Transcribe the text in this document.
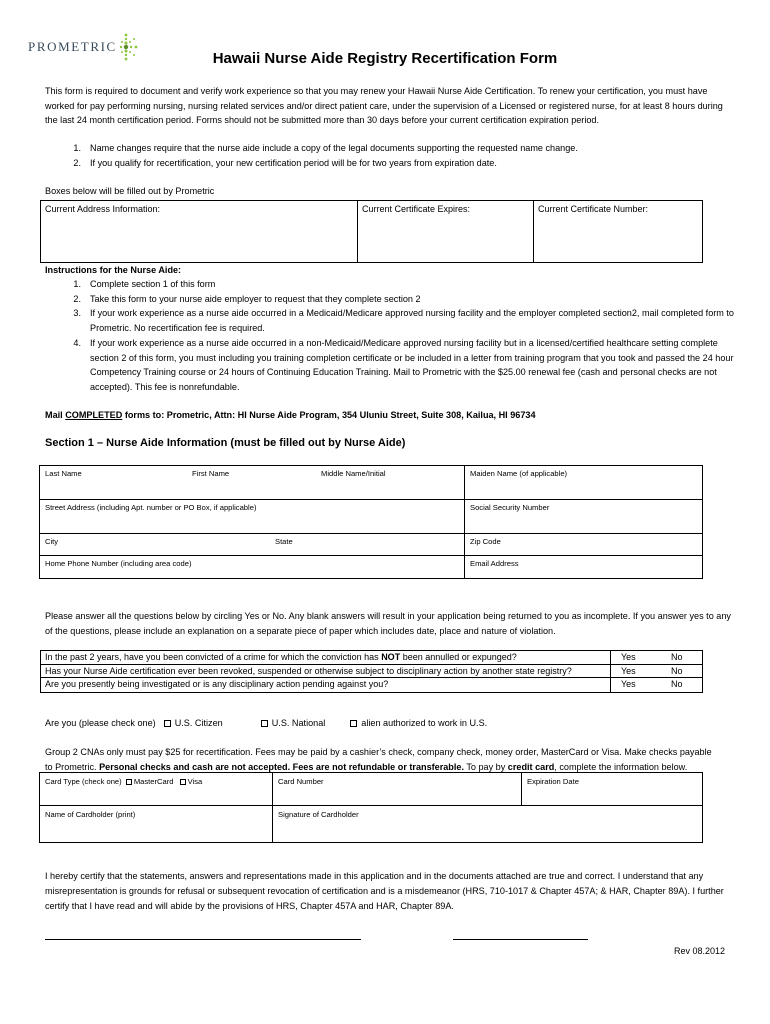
PROMETRIC
Hawaii Nurse Aide Registry Recertification Form
This form is required to document and verify work experience so that you may renew your Hawaii Nurse Aide Certification. To renew your certification, you must have worked for pay performing nursing, nursing related services and/or direct patient care, under the supervision of a Licensed or registered nurse, for at least 8 hours during the last 24 month certification period. Forms should not be submitted more than 30 days before your current certification expiration period.
1. Name changes require that the nurse aide include a copy of the legal documents supporting the requested name change.
2. If you qualify for recertification, your new certification period will be for two years from expiration date.
Boxes below will be filled out by Prometric
Current Address Information:	Current Certificate Expires:	Current Certificate Number:
Instructions for the Nurse Aide:
1. Complete section 1 of this form
2. Take this form to your nurse aide employer to request that they complete section 2
3. If your work experience as a nurse aide occurred in a Medicaid/Medicare approved nursing facility and the employer completed section2, mail completed form to Prometric. No recertification fee is required.
4. If your work experience as a nurse aide occurred in a non-Medicaid/Medicare approved nursing facility but in a licensed/certified healthcare setting complete section 2 of this form, you must including you training completion certificate or be included in a letter from training program that you took and passed the 24 hour Competency Training course or 24 hours of Continuing Education Training. Mail to Prometric with the $25.00 renewal fee (cash and personal checks are not accepted). This fee is nonrefundable.
Mail COMPLETED forms to: Prometric, Attn: HI Nurse Aide Program, 354 Uluniu Street, Suite 308, Kailua, HI 96734
Section 1 – Nurse Aide Information (must be filled out by Nurse Aide)
Last Name	First Name	Middle Name/Initial	Maiden Name (of applicable)
Street Address (including Apt. number or PO Box, if applicable)	Social Security Number
City	State	Zip Code
Home Phone Number (including area code)	Email Address
Please answer all the questions below by circling Yes or No. Any blank answers will result in your application being returned to you as incomplete. If you answer yes to any of the questions, please include an explanation on a separate piece of paper which includes date, place and nature of violation.
In the past 2 years, have you been convicted of a crime for which the conviction has NOT been annulled or expunged?	Yes	No
Has your Nurse Aide certification ever been revoked, suspended or otherwise subject to disciplinary action by another state registry?	Yes	No
Are you presently being investigated or is any disciplinary action pending against you?	Yes	No
Are you (please check one)	U.S. Citizen	U.S. National	alien authorized to work in U.S.
Group 2 CNAs only must pay $25 for recertification. Fees may be paid by a cashier’s check, company check, money order, MasterCard or Visa. Make checks payable
to Prometric. Personal checks and cash are not accepted. Fees are not refundable or transferable. To pay by credit card, complete the information below.
Card Type (check one) MasterCard Visa	Card Number	Expiration Date
Name of Cardholder (print)	Signature of Cardholder
I hereby certify that the statements, answers and representations made in this application and in the documents attached are true and correct. I understand that any misrepresentation is grounds for refusal or subsequent revocation of certification and is a misdemeanor (HRS, 710-1017 & Chapter 457A; & HAR, Chapter 89A). I further certify that I have read and will abide by the provisions of HRS, Chapter 457A and HAR, Chapter 89A.
Rev 08.2012
